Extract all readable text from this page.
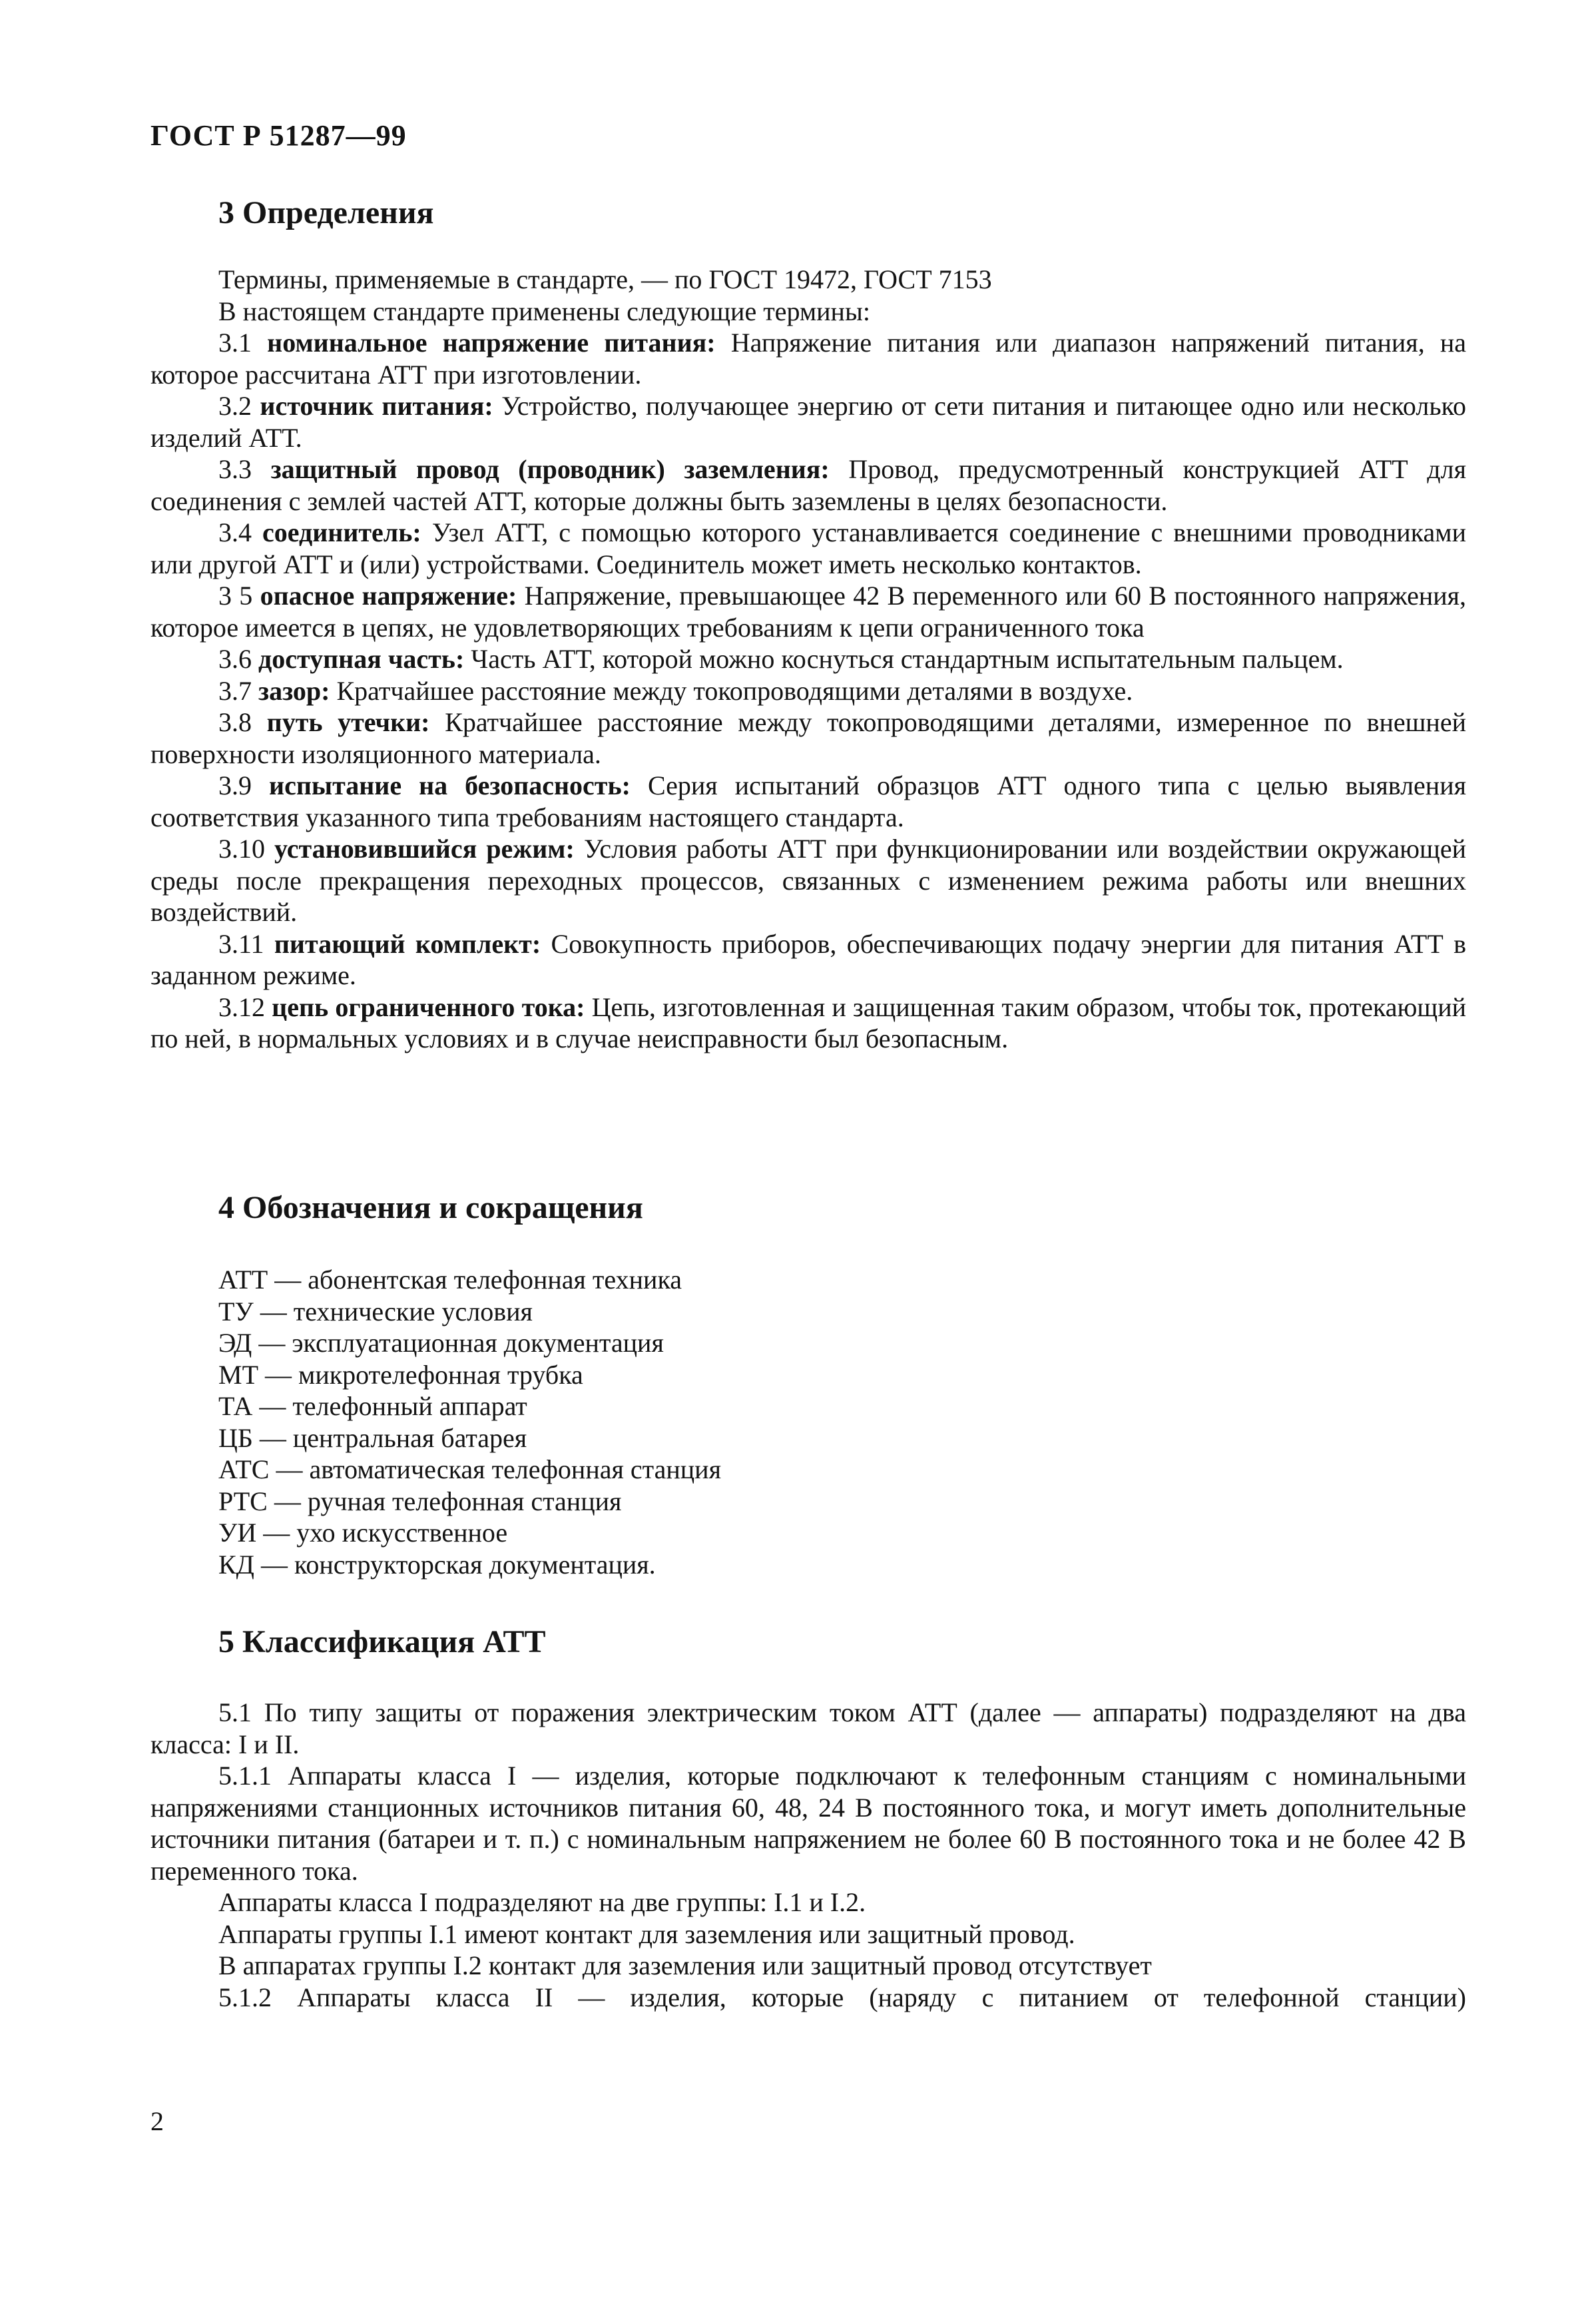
ГОСТ Р 51287—99
3 Определения

Термины, применяемые в стандарте, — по ГОСТ 19472, ГОСТ 7153

В настоящем стандарте применены следующие термины:

3.1 номинальное напряжение питания: Напряжение питания или диапазон напряжений питания, на которое рассчитана АТТ при изготовлении.

3.2 источник питания: Устройство, получающее энергию от сети питания и питающее одно или несколько изделий АТТ.

3.3 защитный провод (проводник) заземления: Провод, предусмотренный конструкцией АТТ для соединения с землей частей АТТ, которые должны быть заземлены в целях безопасности.

3.4 соединитель: Узел АТТ, с помощью которого устанавливается соединение с внешними проводниками или другой АТТ и (или) устройствами. Соединитель может иметь несколько контактов.

3 5 опасное напряжение: Напряжение, превышающее 42 В переменного или 60 В постоянного напряжения, которое имеется в цепях, не удовлетворяющих требованиям к цепи ограниченного тока

3.6 доступная часть: Часть АТТ, которой можно коснуться стандартным испытательным пальцем.

3.7 зазор: Кратчайшее расстояние между токопроводящими деталями в воздухе.

3.8 путь утечки: Кратчайшее расстояние между токопроводящими деталями, измеренное по внешней поверхности изоляционного материала.

3.9 испытание на безопасность: Серия испытаний образцов АТТ одного типа с целью выявления соответствия указанного типа требованиям настоящего стандарта.

3.10 установившийся режим: Условия работы АТТ при функционировании или воздействии окружающей среды после прекращения переходных процессов, связанных с изменением режима работы или внешних воздействий.

3.11 питающий комплект: Совокупность приборов, обеспечивающих подачу энергии для питания АТТ в заданном режиме.

3.12 цепь ограниченного тока: Цепь, изготовленная и защищенная таким образом, чтобы ток, протекающий по ней, в нормальных условиях и в случае неисправности был безопасным.

4 Обозначения и сокращения
АТТ — абонентская телефонная техника
ТУ — технические условия
ЭД — эксплуатационная документация
МТ — микротелефонная трубка
ТА — телефонный аппарат
ЦБ — центральная батарея
АТС — автоматическая телефонная станция
РТС — ручная телефонная станция
УИ — ухо искусственное
КД — конструкторская документация.
5 Классификация АТТ

5.1 По типу защиты от поражения электрическим током АТТ (далее — аппараты) подразделяют на два класса: I и II.

5.1.1 Аппараты класса I — изделия, которые подключают к телефонным станциям с номинальными напряжениями станционных источников питания 60, 48, 24 В постоянного тока, и могут иметь дополнительные источники питания (батареи и т. п.) с номинальным напряжением не более 60 В постоянного тока и не более 42 В переменного тока.

Аппараты класса I подразделяют на две группы: I.1 и I.2.

Аппараты группы I.1 имеют контакт для заземления или защитный провод.

В аппаратах группы I.2 контакт для заземления или защитный провод отсутствует

5.1.2 Аппараты класса II — изделия, которые (наряду с питанием от телефонной станции)

2
